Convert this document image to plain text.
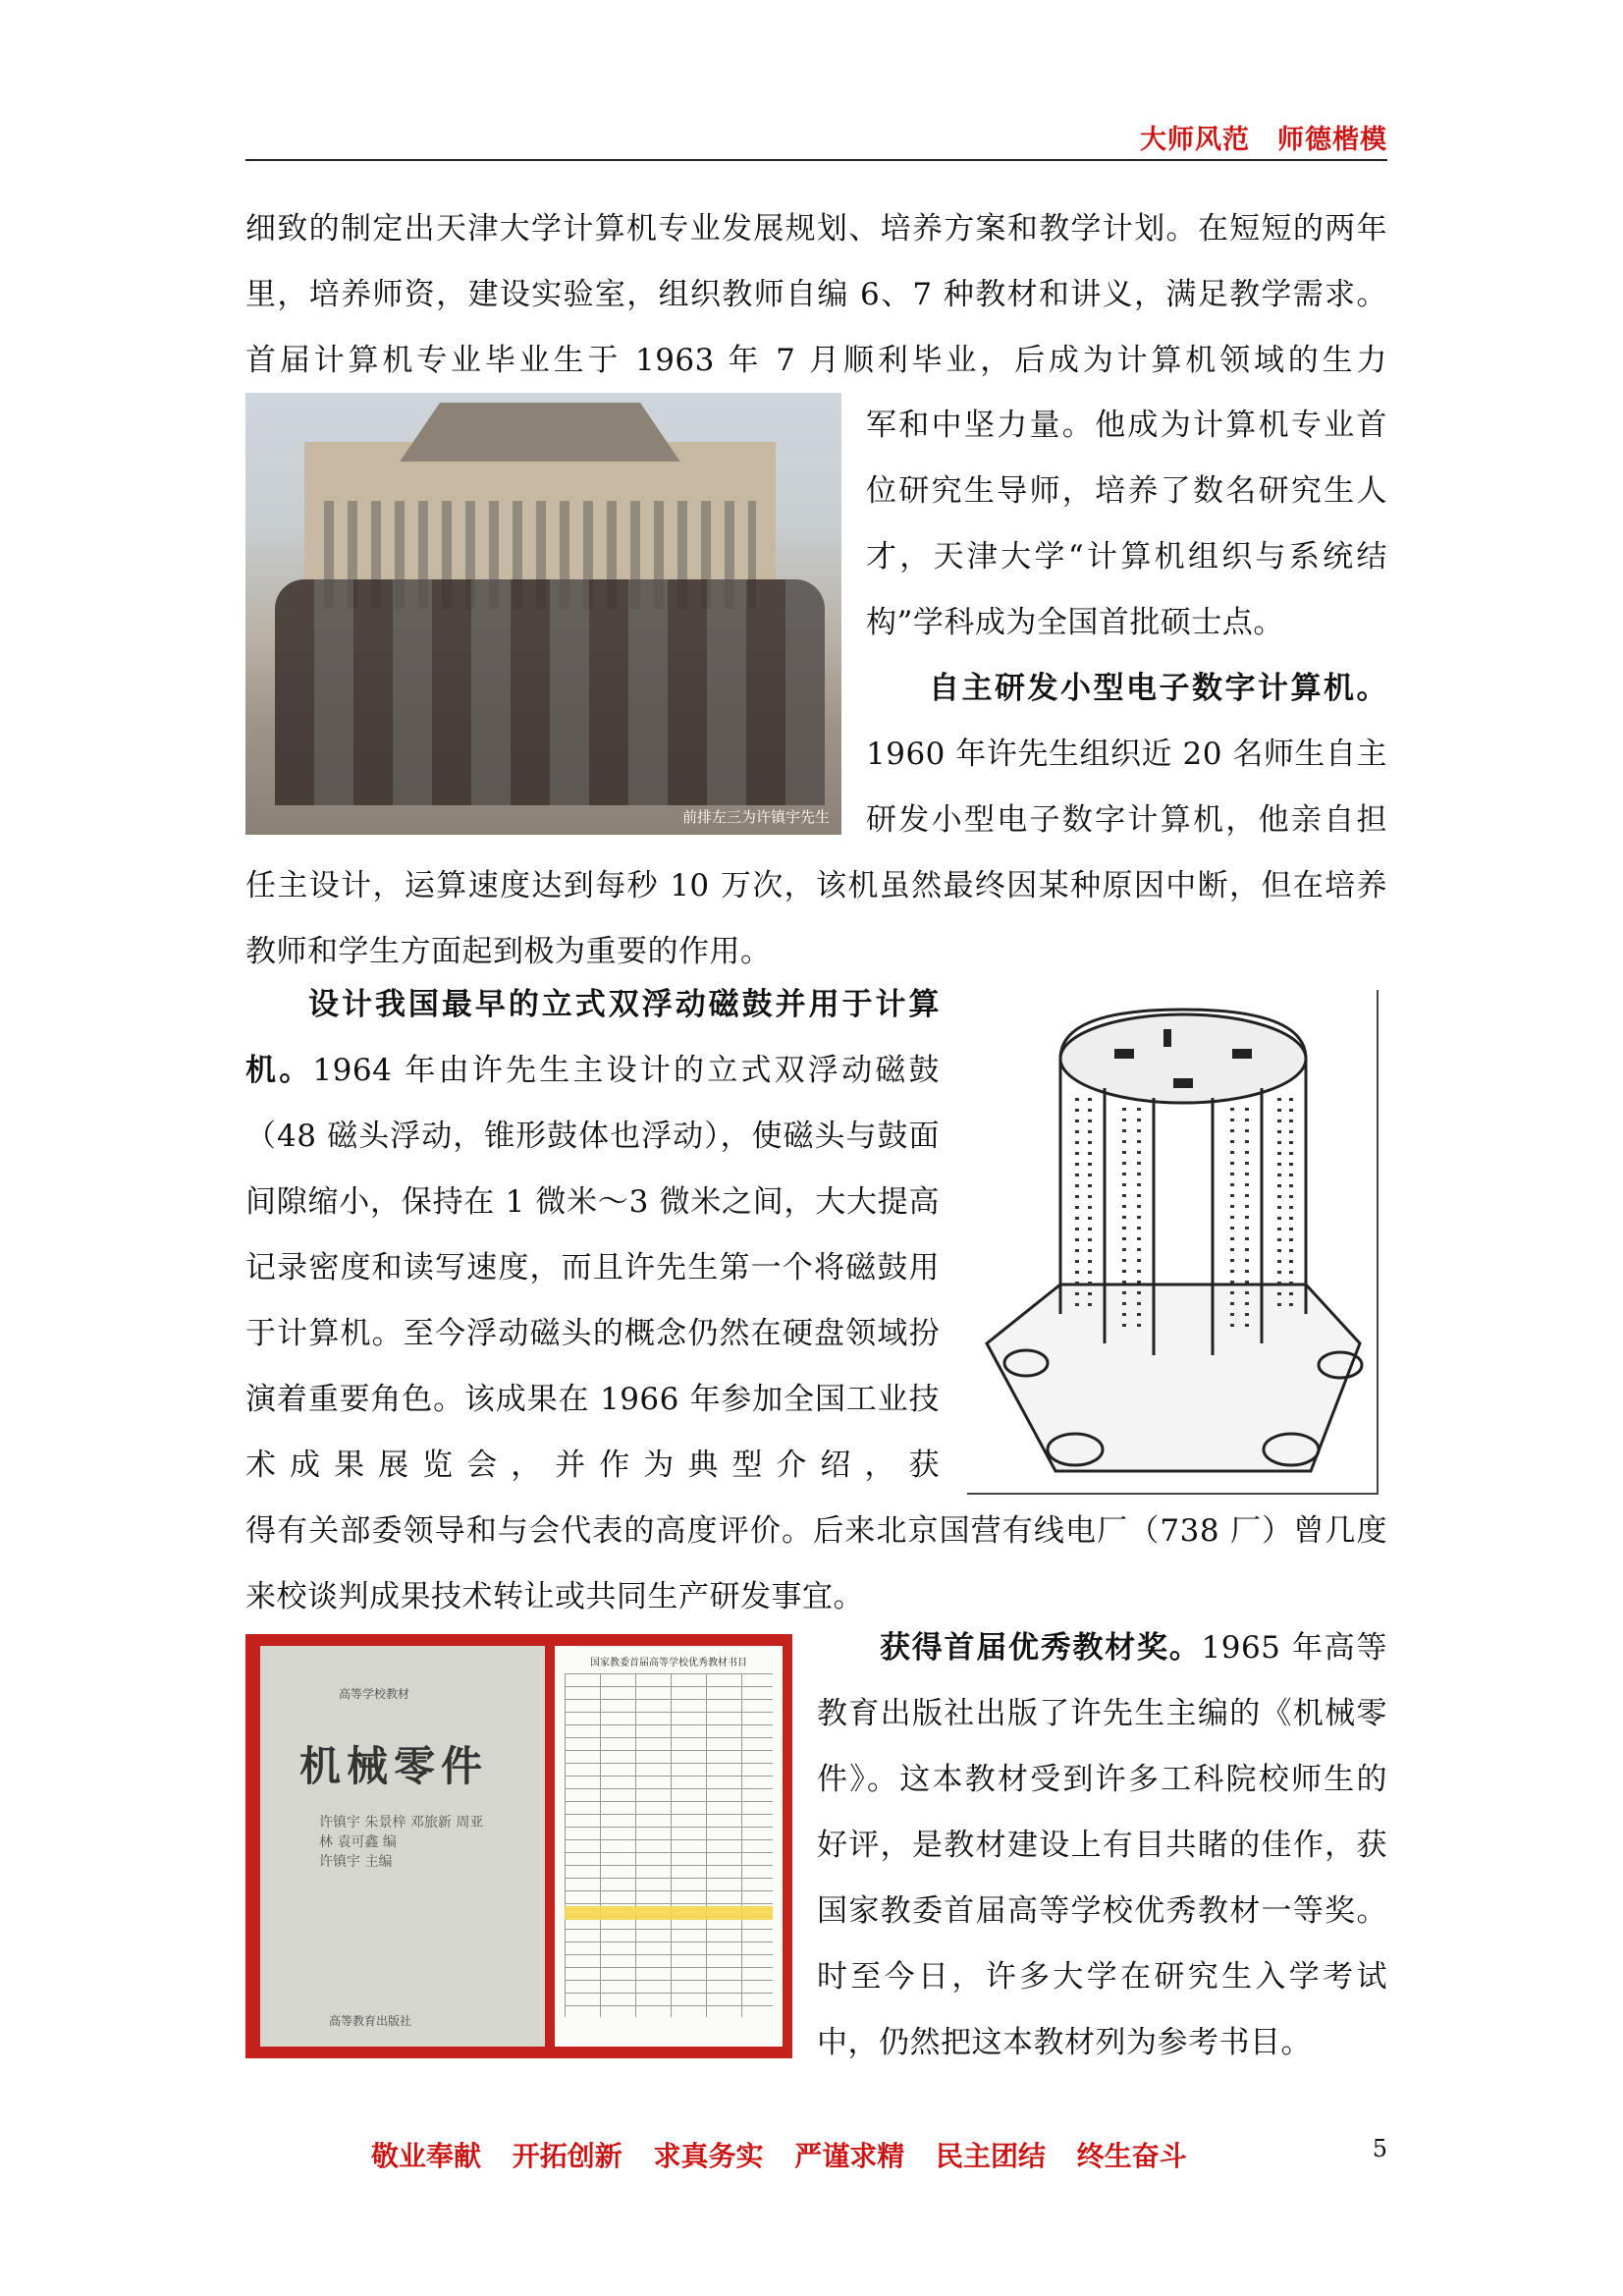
大师风范　师德楷模

细致的制定出天津大学计算机专业发展规划、培养方案和教学计划。在短短的两年里，培养师资，建设实验室，组织教师自编 6、7 种教材和讲义，满足教学需求。首届计算机专业毕业生于 1963 年 7 月顺利毕业，后成为计算机领域的生力

前排左三为许镇宇先生

军和中坚力量。他成为计算机专业首位研究生导师，培养了数名研究生人才，天津大学“计算机组织与系统结构”学科成为全国首批硕士点。

自主研发小型电子数字计算机。1960 年许先生组织近 20 名师生自主研发小型电子数字计算机，他亲自担

任主设计，运算速度达到每秒 10 万次，该机虽然最终因某种原因中断，但在培养教师和学生方面起到极为重要的作用。

设计我国最早的立式双浮动磁鼓并用于计算机。1964 年由许先生主设计的立式双浮动磁鼓（48 磁头浮动，锥形鼓体也浮动），使磁头与鼓面间隙缩小，保持在 1 微米～3 微米之间，大大提高记录密度和读写速度，而且许先生第一个将磁鼓用于计算机。至今浮动磁头的概念仍然在硬盘领域扮演着重要角色。该成果在 1966 年参加全国工业技术成果展览会，并作为典型介绍，获

得有关部委领导和与会代表的高度评价。后来北京国营有线电厂（738 厂）曾几度来校谈判成果技术转让或共同生产研发事宜。

高等学校教材
机械零件
许镇宇 朱景梓 邓旅新 周亚林 袁可鑫 编
许镇宇 主编
高等教育出版社
国家教委首届高等学校优秀教材书目	获得首届优秀教材奖。1965 年高等教育出版社出版了许先生主编的《机械零件》。这本教材受到许多工科院校师生的好评，是教材建设上有目共睹的佳作，获国家教委首届高等学校优秀教材一等奖。时至今日，许多大学在研究生入学考试中，仍然把这本教材列为参考书目。

敬业奉献 开拓创新 求真务实 严谨求精 民主团结 终生奋斗	5
